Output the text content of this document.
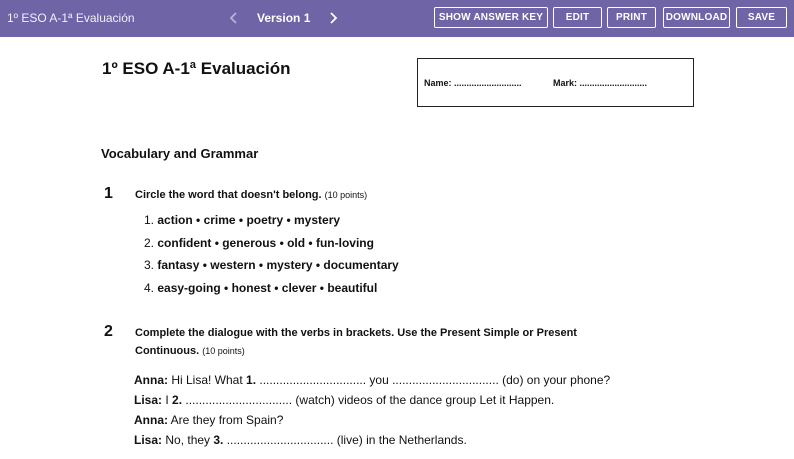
1º ESO A-1ª Evaluación	Version 1	SHOW ANSWER KEY	EDIT	PRINT	DOWNLOAD	SAVE
1º ESO A-1ª Evaluación
Name: ...........................	Mark: ...........................
Vocabulary and Grammar
1 Circle the word that doesn't belong. (10 points)
1. action • crime • poetry • mystery
2. confident • generous • old • fun-loving
3. fantasy • western • mystery • documentary
4. easy-going • honest • clever • beautiful
2 Complete the dialogue with the verbs in brackets. Use the Present Simple or Present
Continuous. (10 points)
Anna: Hi Lisa! What 1. ................................ you ................................ (do) on your phone?
Lisa: I 2. ................................ (watch) videos of the dance group Let it Happen.
Anna: Are they from Spain?
Lisa: No, they 3. ................................ (live) in the Netherlands.
